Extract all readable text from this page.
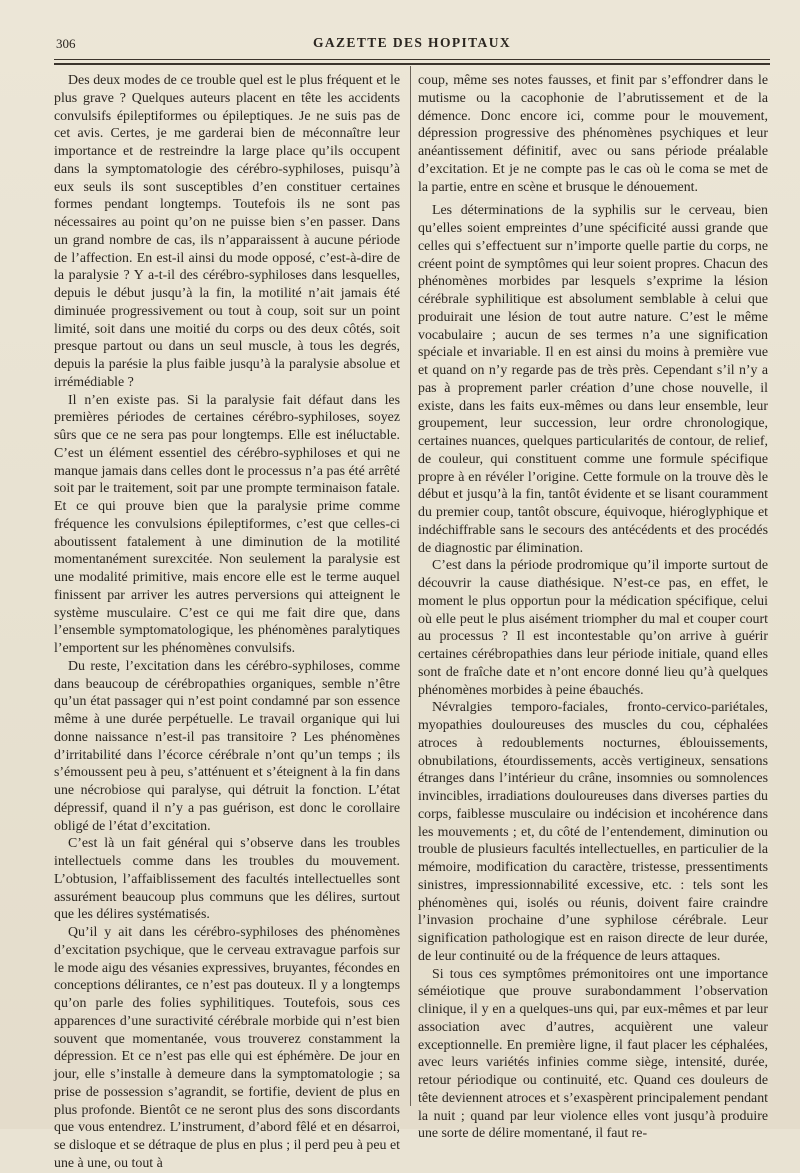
306	GAZETTE DES HOPITAUX

Des deux modes de ce trouble quel est le plus fréquent et le plus grave ? Quelques auteurs placent en tête les accidents convulsifs épileptiformes ou épileptiques. Je ne suis pas de cet avis. Certes, je me garderai bien de méconnaître leur importance et de restreindre la large place qu’ils occupent dans la symptomatologie des cérébro-syphiloses, puisqu’à eux seuls ils sont susceptibles d’en constituer certaines formes pendant longtemps. Toutefois ils ne sont pas nécessaires au point qu’on ne puisse bien s’en passer. Dans un grand nombre de cas, ils n’apparaissent à aucune période de l’affection. En est-il ainsi du mode opposé, c’est-à-dire de la paralysie ? Y a-t-il des cérébro-syphiloses dans lesquelles, depuis le début jusqu’à la fin, la motilité n’ait jamais été diminuée progressivement ou tout à coup, soit sur un point limité, soit dans une moitié du corps ou des deux côtés, soit presque partout ou dans un seul muscle, à tous les degrés, depuis la parésie la plus faible jusqu’à la paralysie absolue et irrémédiable ?

Il n’en existe pas. Si la paralysie fait défaut dans les premières périodes de certaines cérébro-syphiloses, soyez sûrs que ce ne sera pas pour longtemps. Elle est inéluctable. C’est un élément essentiel des cérébro-syphiloses et qui ne manque jamais dans celles dont le processus n’a pas été arrêté soit par le traitement, soit par une prompte terminaison fatale. Et ce qui prouve bien que la paralysie prime comme fréquence les convulsions épileptiformes, c’est que celles-ci aboutissent fatalement à une diminution de la motilité momentanément surexcitée. Non seulement la paralysie est une modalité primitive, mais encore elle est le terme auquel finissent par arriver les autres perversions qui atteignent le système musculaire. C’est ce qui me fait dire que, dans l’ensemble symptomatologique, les phénomènes paralytiques l’emportent sur les phénomènes convulsifs.

Du reste, l’excitation dans les cérébro-syphiloses, comme dans beaucoup de cérébropathies organiques, semble n’être qu’un état passager qui n’est point condamné par son essence même à une durée perpétuelle. Le travail organique qui lui donne naissance n’est-il pas transitoire ? Les phénomènes d’irritabilité dans l’écorce cérébrale n’ont qu’un temps ; ils s’émoussent peu à peu, s’atténuent et s’éteignent à la fin dans une nécrobiose qui paralyse, qui détruit la fonction. L’état dépressif, quand il n’y a pas guérison, est donc le corollaire obligé de l’état d’excitation.

C’est là un fait général qui s’observe dans les troubles intellectuels comme dans les troubles du mouvement. L’obtusion, l’affaiblissement des facultés intellectuelles sont assurément beaucoup plus communs que les délires, surtout que les délires systématisés.

Qu’il y ait dans les cérébro-syphiloses des phénomènes d’excitation psychique, que le cerveau extravague parfois sur le mode aigu des vésanies expressives, bruyantes, fécondes en conceptions délirantes, ce n’est pas douteux. Il y a longtemps qu’on parle des folies syphilitiques. Toutefois, sous ces apparences d’une suractivité cérébrale morbide qui n’est bien souvent que momentanée, vous trouverez constamment la dépression. Et ce n’est pas elle qui est éphémère. De jour en jour, elle s’installe à demeure dans la symptomatologie ; sa prise de possession s’agrandit, se fortifie, devient de plus en plus profonde. Bientôt ce ne seront plus des sons discordants que vous entendrez. L’instrument, d’abord fêlé et en désarroi, se disloque et se détraque de plus en plus ; il perd peu à peu et une à une, ou tout à

coup, même ses notes fausses, et finit par s’effondrer dans le mutisme ou la cacophonie de l’abrutissement et de la démence. Donc encore ici, comme pour le mouvement, dépression progressive des phénomènes psychiques et leur anéantissement définitif, avec ou sans période préalable d’excitation. Et je ne compte pas le cas où le coma se met de la partie, entre en scène et brusque le dénouement.

Les déterminations de la syphilis sur le cerveau, bien qu’elles soient empreintes d’une spécificité aussi grande que celles qui s’effectuent sur n’importe quelle partie du corps, ne créent point de symptômes qui leur soient propres. Chacun des phénomènes morbides par lesquels s’exprime la lésion cérébrale syphilitique est absolument semblable à celui que produirait une lésion de tout autre nature. C’est le même vocabulaire ; aucun de ses termes n’a une signification spéciale et invariable. Il en est ainsi du moins à première vue et quand on n’y regarde pas de très près. Cependant s’il n’y a pas à proprement parler création d’une chose nouvelle, il existe, dans les faits eux-mêmes ou dans leur ensemble, leur groupement, leur succession, leur ordre chronologique, certaines nuances, quelques particularités de contour, de relief, de couleur, qui constituent comme une formule spécifique propre à en révéler l’origine. Cette formule on la trouve dès le début et jusqu’à la fin, tantôt évidente et se lisant couramment du premier coup, tantôt obscure, équivoque, hiéroglyphique et indéchiffrable sans le secours des antécédents et des procédés de diagnostic par élimination.

C’est dans la période prodromique qu’il importe surtout de découvrir la cause diathésique. N’est-ce pas, en effet, le moment le plus opportun pour la médication spécifique, celui où elle peut le plus aisément triompher du mal et couper court au processus ? Il est incontestable qu’on arrive à guérir certaines cérébropathies dans leur période initiale, quand elles sont de fraîche date et n’ont encore donné lieu qu’à quelques phénomènes morbides à peine ébauchés.

Névralgies temporo-faciales, fronto-cervico-pariétales, myopathies douloureuses des muscles du cou, céphalées atroces à redoublements nocturnes, éblouissements, obnubilations, étourdissements, accès vertigineux, sensations étranges dans l’intérieur du crâne, insomnies ou somnolences invincibles, irradiations douloureuses dans diverses parties du corps, faiblesse musculaire ou indécision et incohérence dans les mouvements ; et, du côté de l’entendement, diminution ou trouble de plusieurs facultés intellectuelles, en particulier de la mémoire, modification du caractère, tristesse, pressentiments sinistres, impressionnabilité excessive, etc. : tels sont les phénomènes qui, isolés ou réunis, doivent faire craindre l’invasion prochaine d’une syphilose cérébrale. Leur signification pathologique est en raison directe de leur durée, de leur continuité ou de la fréquence de leurs attaques.

Si tous ces symptômes prémonitoires ont une importance séméiotique que prouve surabondamment l’observation clinique, il y en a quelques-uns qui, par eux-mêmes et par leur association avec d’autres, acquièrent une valeur exceptionnelle. En première ligne, il faut placer les céphalées, avec leurs variétés infinies comme siège, intensité, durée, retour périodique ou continuité, etc. Quand ces douleurs de tête deviennent atroces et s’exaspèrent principalement pendant la nuit ; quand par leur violence elles vont jusqu’à produire une sorte de délire momentané, il faut re-
